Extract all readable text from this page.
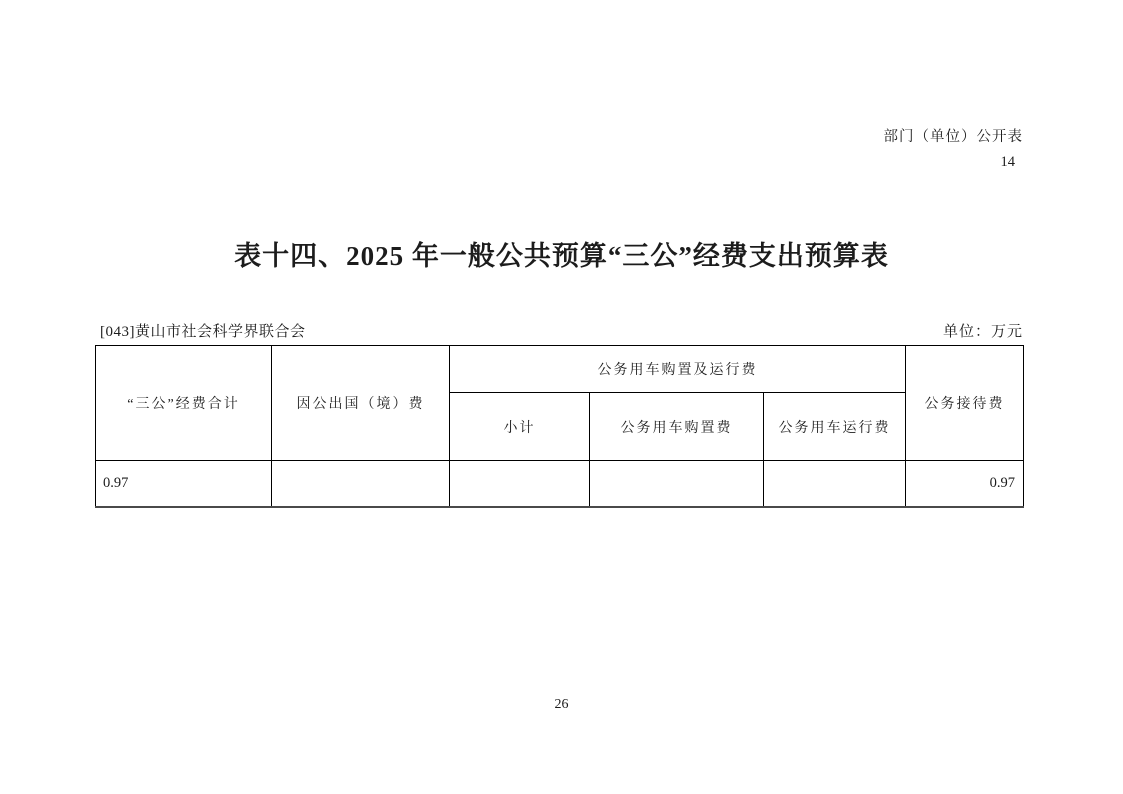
部门（单位）公开表
14
表十四、2025 年一般公共预算“三公”经费支出预算表
[043]黄山市社会科学界联合会	单位：万元
“三公”经费合计	因公出国（境）费	公务用车购置及运行费			公务接待费
		小计	公务用车购置费	公务用车运行费	
0.97					0.97
26
